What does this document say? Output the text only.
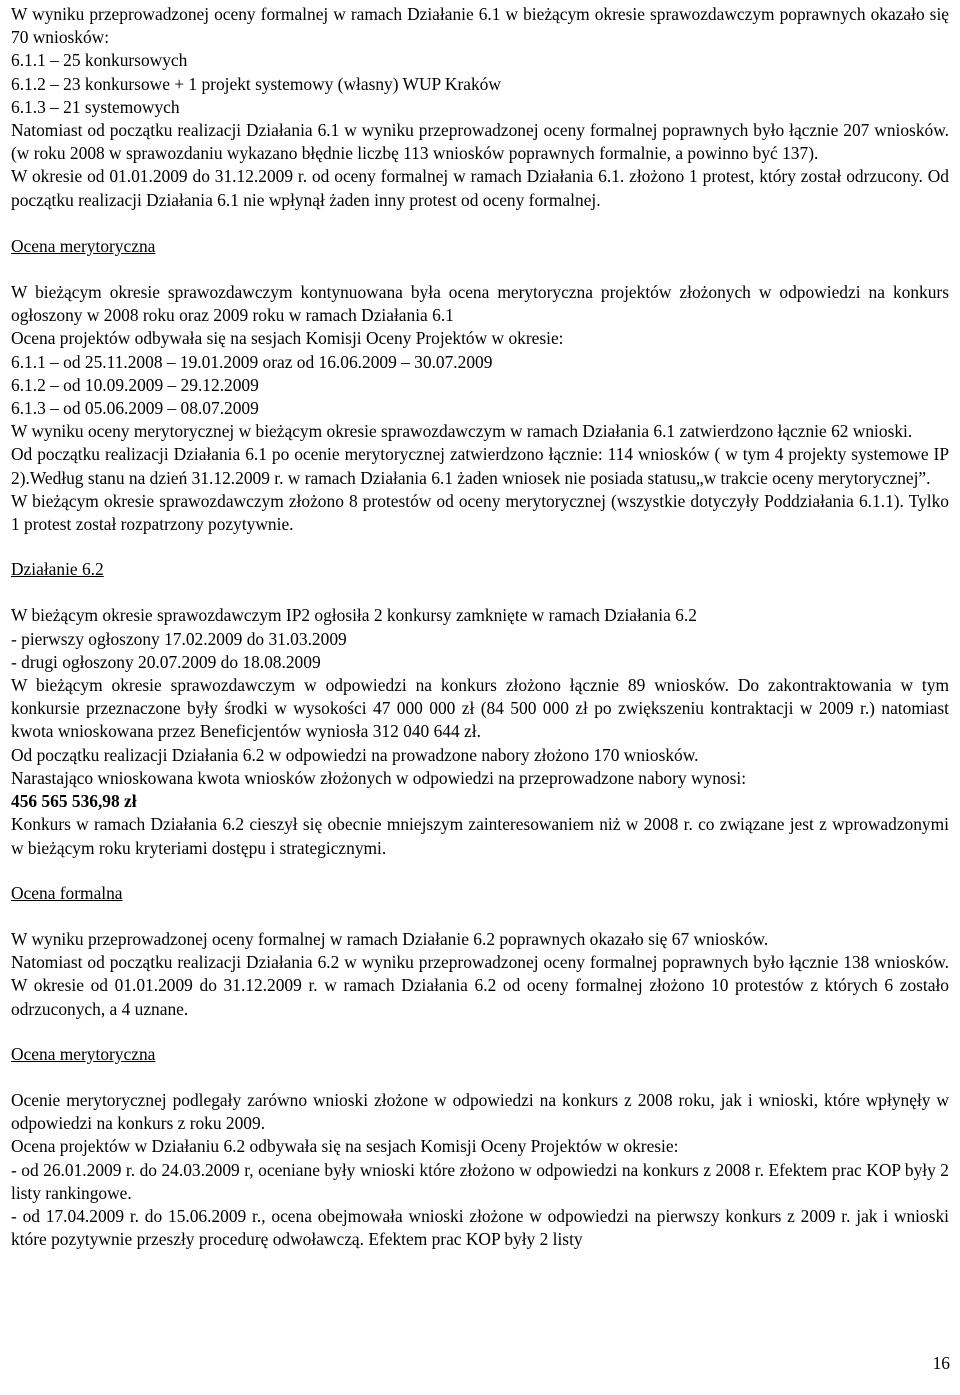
W wyniku przeprowadzonej oceny formalnej w ramach Działanie 6.1 w bieżącym okresie sprawozdawczym poprawnych okazało się 70 wniosków:

6.1.1 – 25 konkursowych

6.1.2 – 23 konkursowe + 1 projekt systemowy (własny) WUP Kraków

6.1.3 – 21 systemowych

Natomiast od początku realizacji Działania 6.1 w wyniku przeprowadzonej oceny formalnej poprawnych było łącznie 207 wniosków. (w roku 2008 w sprawozdaniu wykazano błędnie liczbę 113 wniosków poprawnych formalnie, a powinno być 137).

W okresie od 01.01.2009 do 31.12.2009 r. od oceny formalnej w ramach Działania 6.1. złożono 1 protest, który został odrzucony. Od początku realizacji Działania 6.1 nie wpłynął żaden inny protest od oceny formalnej.

Ocena merytoryczna

W bieżącym okresie sprawozdawczym kontynuowana była ocena merytoryczna projektów złożonych w odpowiedzi na konkurs ogłoszony w 2008 roku oraz 2009 roku w ramach Działania 6.1

Ocena projektów odbywała się na sesjach Komisji Oceny Projektów w okresie:

6.1.1 – od 25.11.2008 – 19.01.2009 oraz od 16.06.2009 – 30.07.2009

6.1.2 – od 10.09.2009 – 29.12.2009

6.1.3 – od 05.06.2009 – 08.07.2009

W wyniku oceny merytorycznej w bieżącym okresie sprawozdawczym w ramach Działania 6.1 zatwierdzono łącznie 62 wnioski.

Od początku realizacji Działania 6.1 po ocenie merytorycznej zatwierdzono łącznie: 114 wniosków ( w tym 4 projekty systemowe IP 2).Według stanu na dzień 31.12.2009 r. w ramach Działania 6.1 żaden wniosek nie posiada statusu„w trakcie oceny merytorycznej”.

W bieżącym okresie sprawozdawczym złożono 8 protestów od oceny merytorycznej (wszystkie dotyczyły Poddziałania 6.1.1). Tylko 1 protest został rozpatrzony pozytywnie.

Działanie 6.2

W bieżącym okresie sprawozdawczym IP2 ogłosiła 2 konkursy zamknięte w ramach Działania 6.2

- pierwszy ogłoszony 17.02.2009 do 31.03.2009

- drugi ogłoszony 20.07.2009 do 18.08.2009

W bieżącym okresie sprawozdawczym w odpowiedzi na konkurs złożono łącznie 89 wniosków. Do zakontraktowania w tym konkursie przeznaczone były środki w wysokości 47 000 000 zł (84 500 000 zł po zwiększeniu kontraktacji w 2009 r.) natomiast kwota wnioskowana przez Beneficjentów wyniosła 312 040 644 zł.

Od początku realizacji Działania 6.2 w odpowiedzi na prowadzone nabory złożono 170 wniosków.

Narastająco wnioskowana kwota wniosków złożonych w odpowiedzi na przeprowadzone nabory wynosi:

456 565 536,98 zł

Konkurs w ramach Działania 6.2 cieszył się obecnie mniejszym zainteresowaniem niż w 2008 r. co związane jest z wprowadzonymi w bieżącym roku kryteriami dostępu i strategicznymi.

Ocena formalna

W wyniku przeprowadzonej oceny formalnej w ramach Działanie 6.2 poprawnych okazało się 67 wniosków.

Natomiast od początku realizacji Działania 6.2 w wyniku przeprowadzonej oceny formalnej poprawnych było łącznie 138 wniosków. W okresie od 01.01.2009 do 31.12.2009 r. w ramach Działania 6.2 od oceny formalnej złożono 10 protestów z których 6 zostało odrzuconych, a 4 uznane.

Ocena merytoryczna

Ocenie merytorycznej podlegały zarówno wnioski złożone w odpowiedzi na konkurs z 2008 roku, jak i wnioski, które wpłynęły w odpowiedzi na konkurs z roku 2009.

Ocena projektów w Działaniu 6.2 odbywała się na sesjach Komisji Oceny Projektów w okresie:

- od 26.01.2009 r. do 24.03.2009 r, oceniane były wnioski które złożono w odpowiedzi na konkurs z 2008 r. Efektem prac KOP były 2 listy rankingowe.

- od 17.04.2009 r. do 15.06.2009 r., ocena obejmowała wnioski złożone w odpowiedzi na pierwszy konkurs z 2009 r. jak i wnioski które pozytywnie przeszły procedurę odwoławczą. Efektem prac KOP były 2 listy

16
